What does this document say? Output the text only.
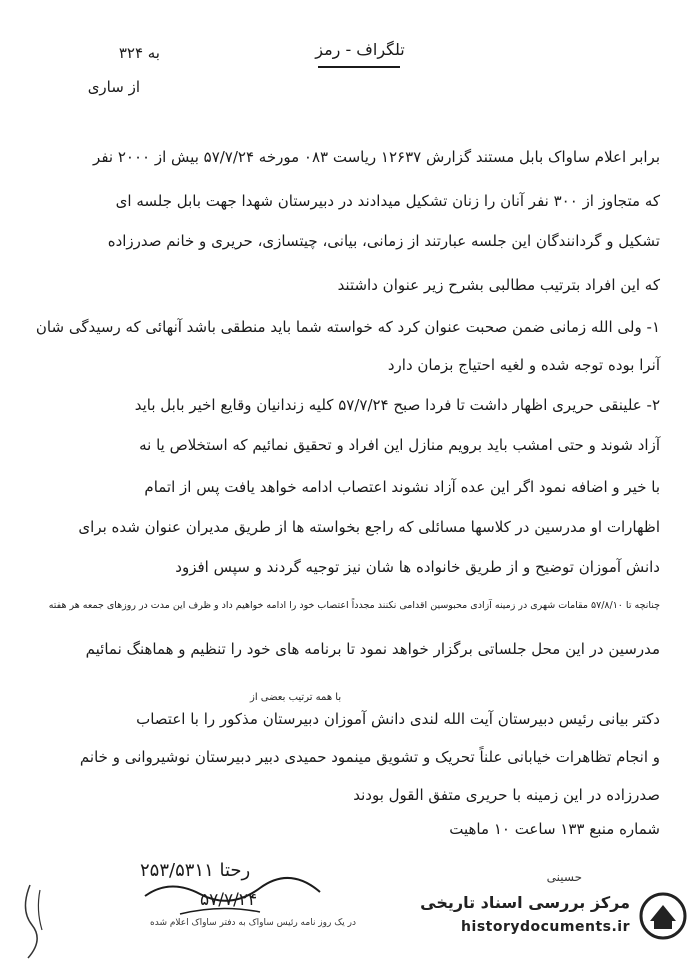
به ۳۲۴
از ساری
تلگراف - رمز
برابر اعلام ساواک بابل مستند گزارش ۱۲۶۳۷ ریاست ۰۸۳ مورخه ۵۷/۷/۲۴ بیش از ۲۰۰۰ نفر
که متجاوز از ۳۰۰ نفر آنان را زنان تشکیل میدادند در دبیرستان شهدا جهت بابل جلسه ای
تشکیل و گردانندگان این جلسه عبارتند از زمانی، بیانی، چیتسازی، حریری و خانم صدرزاده
که این افراد بترتیب مطالبی بشرح زیر عنوان داشتند
۱- ولی الله زمانی ضمن صحبت عنوان کرد که خواسته شما باید منطقی باشد آنهائی که رسیدگی شان
آنرا بوده توجه شده و لغیه احتیاج بزمان دارد
۲- علینقی حریری اظهار داشت تا فردا صبح ۵۷/۷/۲۴ کلیه زندانیان وقایع اخیر بابل باید
آزاد شوند و حتی امشب باید برویم منازل این افراد و تحقیق نمائیم که استخلاص یا نه
با خیر و اضافه نمود اگر این عده آزاد نشوند اعتصاب ادامه خواهد یافت پس از اتمام
اظهارات او مدرسین در کلاسها مسائلی که راجع بخواسته ها از طریق مدیران عنوان شده برای
دانش آموزان توضیح و از طریق خانواده ها شان نیز توجیه گردند و سپس افزود
چنانچه تا ۵۷/۸/۱۰ مقامات شهری در زمینه آزادی محبوسین اقدامی نکنند مجدداً اعتصاب خود را ادامه خواهیم داد و ظرف این مدت در روزهای جمعه هر هفته
مدرسین در این محل جلساتی برگزار خواهد نمود تا برنامه های خود را تنظیم و هماهنگ نمائیم
با همه ترتیب بعضی از
دکتر بیانی رئیس دبیرستان آیت الله لندی دانش آموزان دبیرستان مذکور را با اعتصاب
و انجام تظاهرات خیابانی علناً تحریک و تشویق مینمود حمیدی دبیر دبیرستان نوشیروانی و خانم
صدرزاده در این زمینه با حریری متفق القول بودند
شماره منبع ۱۳۳ ساعت ۱۰ ماهیت
رحتا ۲۵۳/۵۳۱۱
۵۷/۷/۲۴
حسینی
در یک روز نامه رئیس ساواک به دفتر ساواک اعلام شده
مرکز بررسی اسناد تاریخی
historydocuments.ir
